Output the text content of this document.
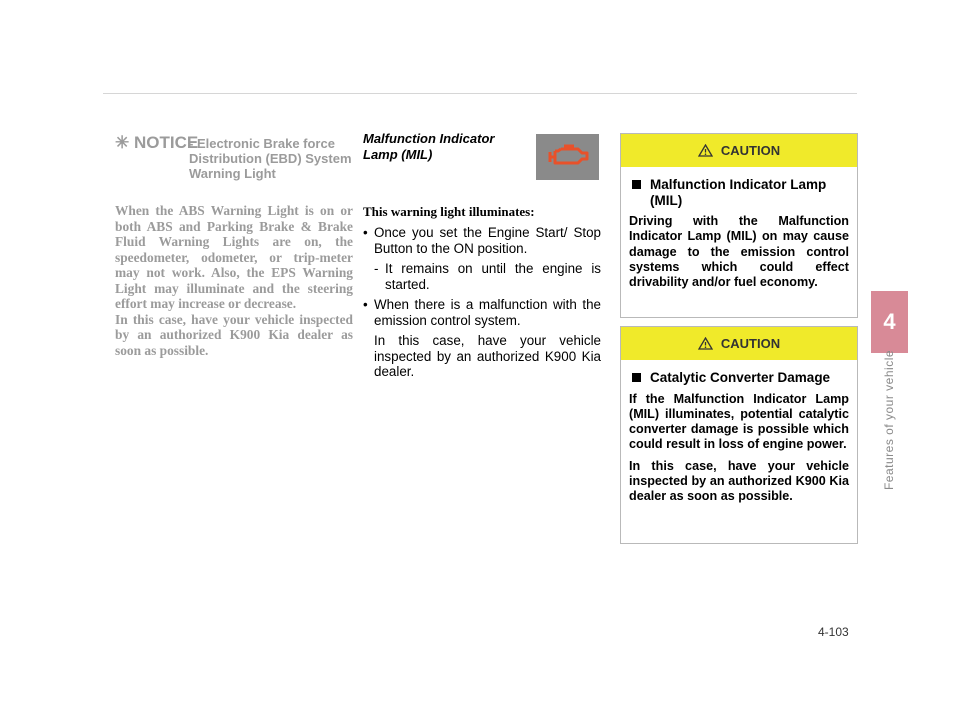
4
Features of your vehicle
✳ NOTICE
- Electronic Brake force Distribution (EBD) System Warning Light

When the ABS Warning Light is on or both ABS and Parking Brake & Brake Fluid Warning Lights are on, the speedometer, odometer, or trip-meter may not work. Also, the EPS Warning Light may illuminate and the steering effort may increase or decrease.

In this case, have your vehicle inspected by an authorized K900 Kia dealer as soon as possible.

Malfunction Indicator Lamp (MIL)
This warning light illuminates:
• Once you set the Engine Start/ Stop Button to the ON position.
- It remains on until the engine is started.
• When there is a malfunction with the emission control system.

In this case, have your vehicle inspected by an authorized K900 Kia dealer.

CAUTION
Malfunction Indicator Lamp (MIL)

Driving with the Malfunction Indicator Lamp (MIL) on may cause damage to the emission control systems which could effect drivability and/or fuel economy.

CAUTION
Catalytic Converter Damage

If the Malfunction Indicator Lamp (MIL) illuminates, potential catalytic converter damage is possible which could result in loss of engine power.

In this case, have your vehicle inspected by an authorized K900 Kia dealer as soon as possible.

4-103
